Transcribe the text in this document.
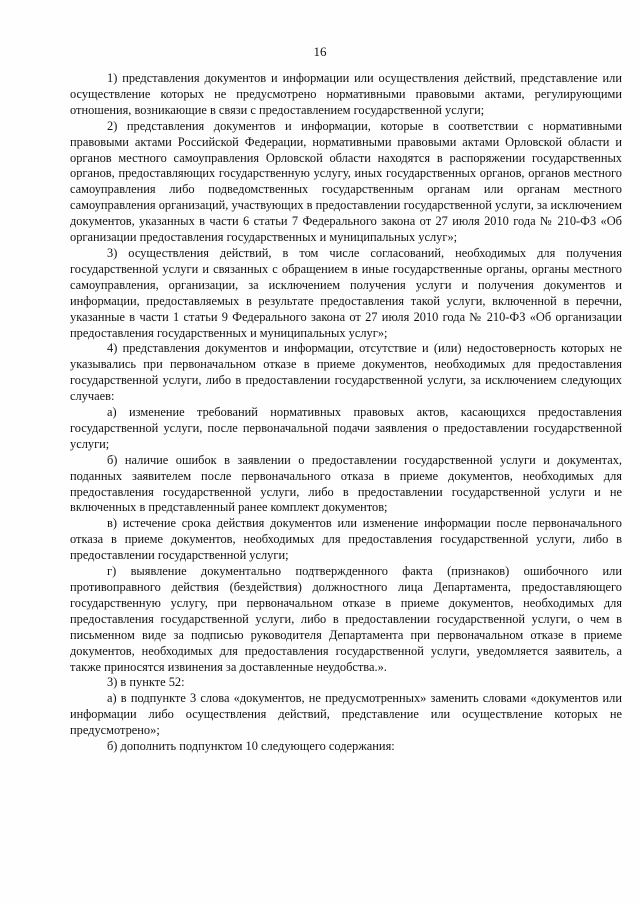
16

1) представления документов и информации или осуществления действий, представление или осуществление которых не предусмотрено нормативными правовыми актами, регулирующими отношения, возникающие в связи с предоставлением государственной услуги;

2) представления документов и информации, которые в соответствии с нормативными правовыми актами Российской Федерации, нормативными правовыми актами Орловской области и органов местного самоуправления Орловской области находятся в распоряжении государственных органов, предоставляющих государственную услугу, иных государственных органов, органов местного самоуправления либо подведомственных государственным органам или органам местного самоуправления организаций, участвующих в предоставлении государственной услуги, за исключением документов, указанных в части 6 статьи 7 Федерального закона от 27 июля 2010 года № 210-ФЗ «Об организации предоставления государственных и муниципальных услуг»;

3) осуществления действий, в том числе согласований, необходимых для получения государственной услуги и связанных с обращением в иные государственные органы, органы местного самоуправления, организации, за исключением получения услуги и получения документов и информации, предоставляемых в результате предоставления такой услуги, включенной в перечни, указанные в части 1 статьи 9 Федерального закона от 27 июля 2010 года № 210-ФЗ «Об организации предоставления государственных и муниципальных услуг»;

4) представления документов и информации, отсутствие и (или) недостоверность которых не указывались при первоначальном отказе в приеме документов, необходимых для предоставления государственной услуги, либо в предоставлении государственной услуги, за исключением следующих случаев:

а) изменение требований нормативных правовых актов, касающихся предоставления государственной услуги, после первоначальной подачи заявления о предоставлении государственной услуги;

б) наличие ошибок в заявлении о предоставлении государственной услуги и документах, поданных заявителем после первоначального отказа в приеме документов, необходимых для предоставления государственной услуги, либо в предоставлении государственной услуги и не включенных в представленный ранее комплект документов;

в) истечение срока действия документов или изменение информации после первоначального отказа в приеме документов, необходимых для предоставления государственной услуги, либо в предоставлении государственной услуги;

г) выявление документально подтвержденного факта (признаков) ошибочного или противоправного действия (бездействия) должностного лица Департамента, предоставляющего государственную услугу, при первоначальном отказе в приеме документов, необходимых для предоставления государственной услуги, либо в предоставлении государственной услуги, о чем в письменном виде за подписью руководителя Департамента при первоначальном отказе в приеме документов, необходимых для предоставления государственной услуги, уведомляется заявитель, а также приносятся извинения за доставленные неудобства.».

3) в пункте 52:

а) в подпункте 3 слова «документов, не предусмотренных» заменить словами «документов или информации либо осуществления действий, представление или осуществление которых не предусмотрено»;

б) дополнить подпунктом 10 следующего содержания:
